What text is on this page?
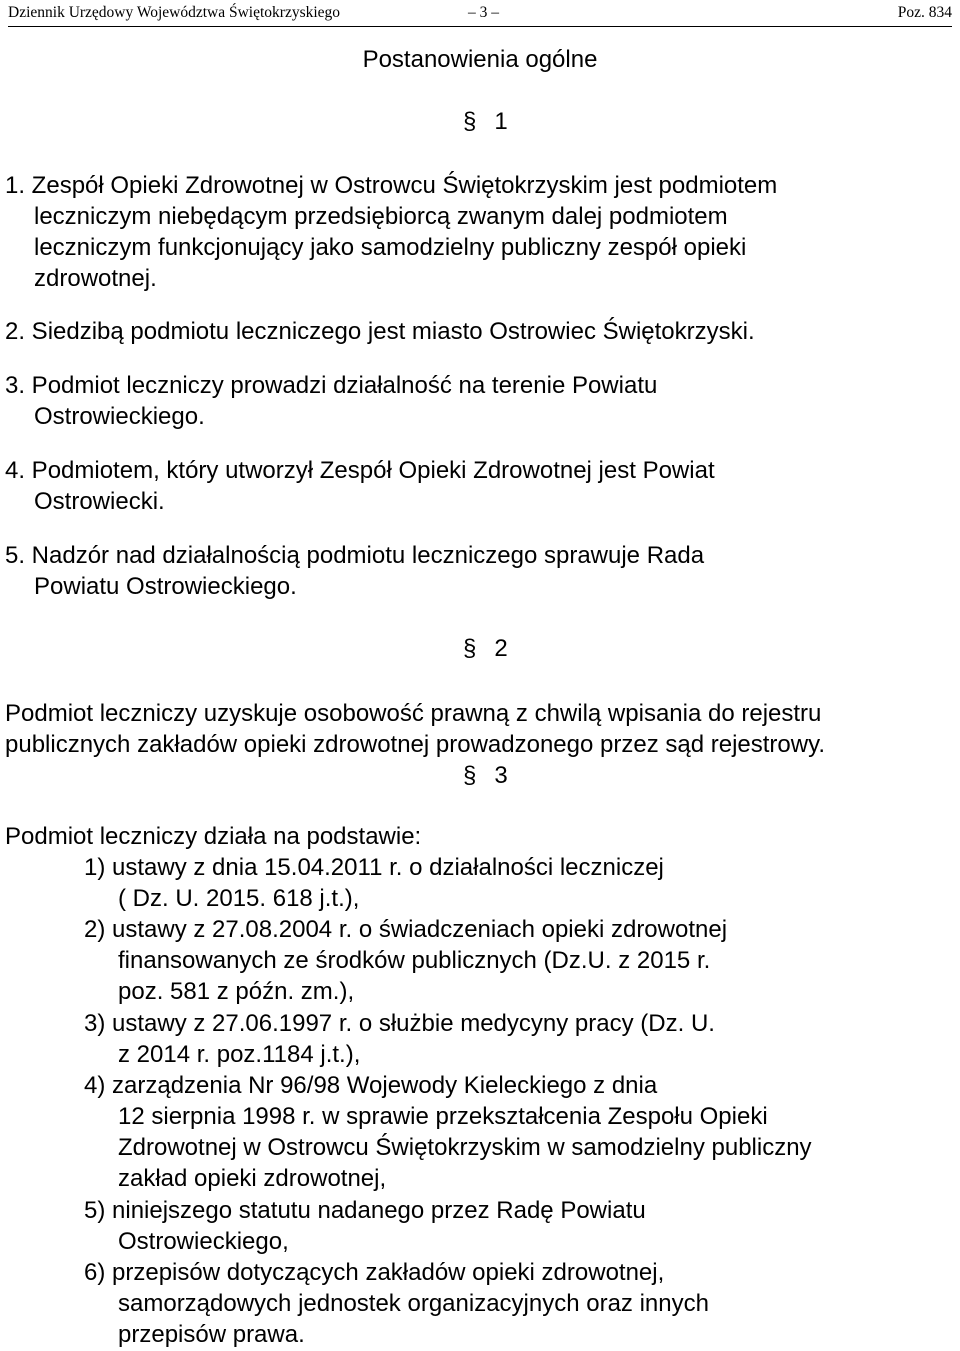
Dziennik Urzędowy Województwa Świętokrzyskiego	– 3 –	Poz. 834
Postanowienia ogólne
§ 1
1. Zespół Opieki Zdrowotnej w Ostrowcu Świętokrzyskim jest podmiotem
leczniczym niebędącym przedsiębiorcą zwanym dalej podmiotem
leczniczym funkcjonujący jako samodzielny publiczny zespół opieki
zdrowotnej.
2. Siedzibą podmiotu leczniczego jest miasto Ostrowiec Świętokrzyski.
3. Podmiot leczniczy prowadzi działalność na terenie Powiatu
Ostrowieckiego.
4. Podmiotem, który utworzył Zespół Opieki Zdrowotnej jest Powiat
Ostrowiecki.
5. Nadzór nad działalnością podmiotu leczniczego sprawuje Rada
Powiatu Ostrowieckiego.
§ 2
Podmiot leczniczy uzyskuje osobowość prawną z chwilą wpisania do rejestru
publicznych zakładów opieki zdrowotnej prowadzonego przez sąd rejestrowy.
§ 3
Podmiot leczniczy działa na podstawie:
1) ustawy z dnia 15.04.2011 r. o działalności leczniczej
( Dz. U. 2015. 618 j.t.),
2) ustawy z 27.08.2004 r. o świadczeniach opieki zdrowotnej
finansowanych ze środków publicznych (Dz.U. z 2015 r.
poz. 581 z późn. zm.),
3) ustawy z 27.06.1997 r. o służbie medycyny pracy (Dz. U.
z 2014 r. poz.1184 j.t.),
4) zarządzenia Nr 96/98 Wojewody Kieleckiego z dnia
12 sierpnia 1998 r. w sprawie przekształcenia Zespołu Opieki
Zdrowotnej w Ostrowcu Świętokrzyskim w samodzielny publiczny
zakład opieki zdrowotnej,
5) niniejszego statutu nadanego przez Radę Powiatu
Ostrowieckiego,
6) przepisów dotyczących zakładów opieki zdrowotnej,
samorządowych jednostek organizacyjnych oraz innych
przepisów prawa.
